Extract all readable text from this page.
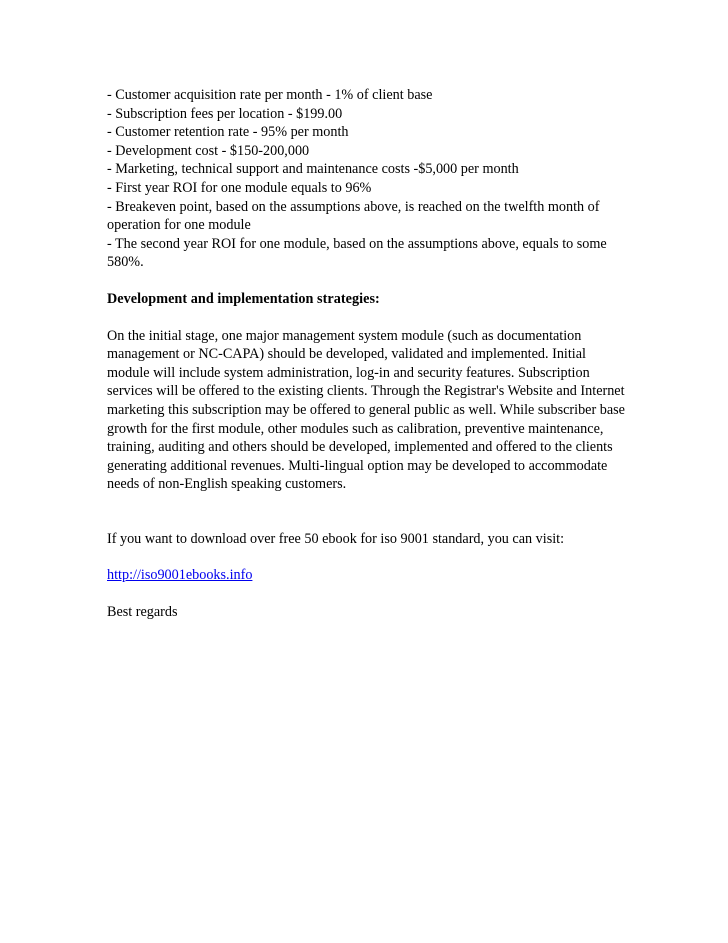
- Customer acquisition rate per month - 1% of client base
- Subscription fees per location - $199.00
- Customer retention rate - 95% per month
- Development cost - $150-200,000
- Marketing, technical support and maintenance costs -$5,000 per month
- First year ROI for one module equals to 96%
- Breakeven point, based on the assumptions above, is reached on the twelfth month of operation for one module
- The second year ROI for one module, based on the assumptions above, equals to some 580%.
Development and implementation strategies:
On the initial stage, one major management system module (such as documentation management or NC-CAPA) should be developed, validated and implemented. Initial module will include system administration, log-in and security features. Subscription services will be offered to the existing clients. Through the Registrar's Website and Internet marketing this subscription may be offered to general public as well. While subscriber base growth for the first module, other modules such as calibration, preventive maintenance, training, auditing and others should be developed, implemented and offered to the clients generating additional revenues. Multi-lingual option may be developed to accommodate needs of non-English speaking customers.
If you want to download over free 50 ebook for iso 9001 standard, you can visit:
http://iso9001ebooks.info
Best regards
